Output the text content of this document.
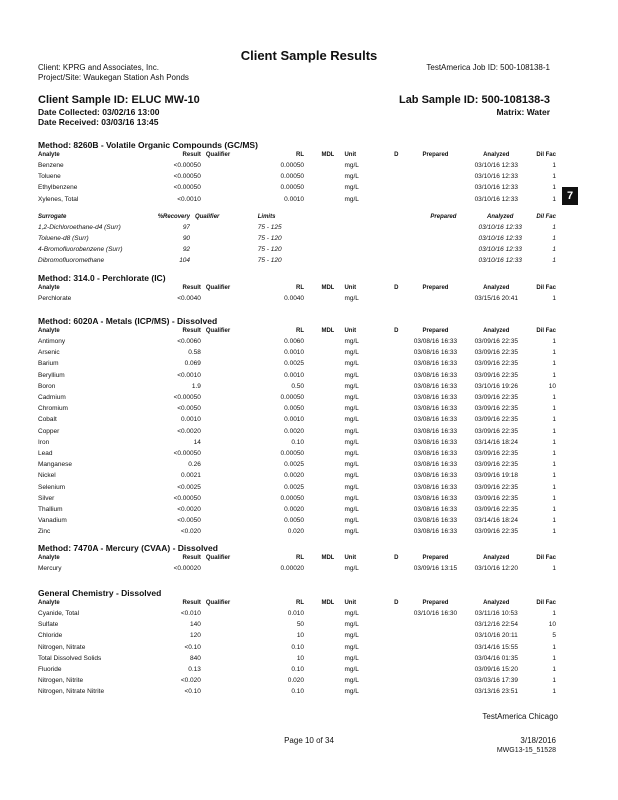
Client Sample Results
Client: KPRG and Associates, Inc.
Project/Site: Waukegan Station Ash Ponds
TestAmerica Job ID: 500-108138-1
Client Sample ID: ELUC MW-10	Lab Sample ID: 500-108138-3
Date Collected: 03/02/16 13:00
Date Received: 03/03/16 13:45
Matrix: Water
7
Method: 8260B - Volatile Organic Compounds (GC/MS)
Analyte	Result	Qualifier	RL	MDL	Unit	D	Prepared	Analyzed	Dil Fac
Benzene	<0.00050		0.00050		mg/L			03/10/16 12:33	1
Toluene	<0.00050		0.00050		mg/L			03/10/16 12:33	1
Ethylbenzene	<0.00050		0.00050		mg/L			03/10/16 12:33	1
Xylenes, Total	<0.0010		0.0010		mg/L			03/10/16 12:33	1
Surrogate	%Recovery	Qualifier	Limits		Prepared	Analyzed	Dil Fac
1,2-Dichloroethane-d4 (Surr)	97		75 - 125			03/10/16 12:33	1
Toluene-d8 (Surr)	90		75 - 120			03/10/16 12:33	1
4-Bromofluorobenzene (Surr)	92		75 - 120			03/10/16 12:33	1
Dibromofluoromethane	104		75 - 120			03/10/16 12:33	1
Method: 314.0 - Perchlorate (IC)
Analyte	Result	Qualifier	RL	MDL	Unit	D	Prepared	Analyzed	Dil Fac
Perchlorate	<0.0040		0.0040		mg/L			03/15/16 20:41	1
Method: 6020A - Metals (ICP/MS) - Dissolved
Analyte	Result	Qualifier	RL	MDL	Unit	D	Prepared	Analyzed	Dil Fac
Antimony	<0.0060		0.0060		mg/L		03/08/16 16:33	03/09/16 22:35	1
Arsenic	0.58		0.0010		mg/L		03/08/16 16:33	03/09/16 22:35	1
Barium	0.069		0.0025		mg/L		03/08/16 16:33	03/09/16 22:35	1
Beryllium	<0.0010		0.0010		mg/L		03/08/16 16:33	03/09/16 22:35	1
Boron	1.9		0.50		mg/L		03/08/16 16:33	03/10/16 19:26	10
Cadmium	<0.00050		0.00050		mg/L		03/08/16 16:33	03/09/16 22:35	1
Chromium	<0.0050		0.0050		mg/L		03/08/16 16:33	03/09/16 22:35	1
Cobalt	0.0010		0.0010		mg/L		03/08/16 16:33	03/09/16 22:35	1
Copper	<0.0020		0.0020		mg/L		03/08/16 16:33	03/09/16 22:35	1
Iron	14		0.10		mg/L		03/08/16 16:33	03/14/16 18:24	1
Lead	<0.00050		0.00050		mg/L		03/08/16 16:33	03/09/16 22:35	1
Manganese	0.26		0.0025		mg/L		03/08/16 16:33	03/09/16 22:35	1
Nickel	0.0021		0.0020		mg/L		03/08/16 16:33	03/09/16 19:18	1
Selenium	<0.0025		0.0025		mg/L		03/08/16 16:33	03/09/16 22:35	1
Silver	<0.00050		0.00050		mg/L		03/08/16 16:33	03/09/16 22:35	1
Thallium	<0.0020		0.0020		mg/L		03/08/16 16:33	03/09/16 22:35	1
Vanadium	<0.0050		0.0050		mg/L		03/08/16 16:33	03/14/16 18:24	1
Zinc	<0.020		0.020		mg/L		03/08/16 16:33	03/09/16 22:35	1
Method: 7470A - Mercury (CVAA) - Dissolved
Analyte	Result	Qualifier	RL	MDL	Unit	D	Prepared	Analyzed	Dil Fac
Mercury	<0.00020		0.00020		mg/L		03/09/16 13:15	03/10/16 12:20	1
General Chemistry - Dissolved
Analyte	Result	Qualifier	RL	MDL	Unit	D	Prepared	Analyzed	Dil Fac
Cyanide, Total	<0.010		0.010		mg/L		03/10/16 16:30	03/11/16 10:53	1
Sulfate	140		50		mg/L			03/12/16 22:54	10
Chloride	120		10		mg/L			03/10/16 20:11	5
Nitrogen, Nitrate	<0.10		0.10		mg/L			03/14/16 15:55	1
Total Dissolved Solids	840		10		mg/L			03/04/16 01:35	1
Fluoride	0.13		0.10		mg/L			03/09/16 15:20	1
Nitrogen, Nitrite	<0.020		0.020		mg/L			03/03/16 17:39	1
Nitrogen, Nitrate Nitrite	<0.10		0.10		mg/L			03/13/16 23:51	1
TestAmerica Chicago
Page 10 of 34	3/18/2016
MWG13-15_51528
